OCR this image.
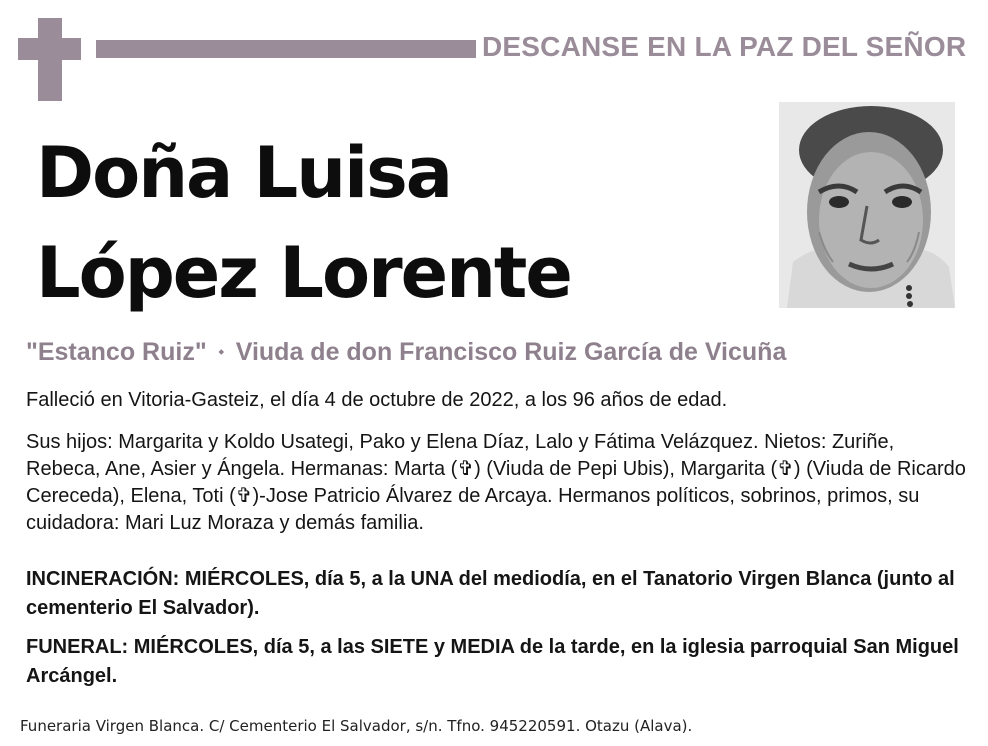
DESCANSE EN LA PAZ DEL SEÑOR
Doña Luisa
López Lorente
"Estanco Ruiz" ⬩ Viuda de don Francisco Ruiz García de Vicuña
Falleció en Vitoria-Gasteiz, el día 4 de octubre de 2022, a los 96 años de edad.
Sus hijos: Margarita y Koldo Usategi, Pako y Elena Díaz, Lalo y Fátima Velázquez. Nietos: Zuriñe, Rebeca, Ane, Asier y Ángela. Hermanas: Marta (✞) (Viuda de Pepi Ubis), Margarita (✞) (Viuda de Ricardo Cereceda), Elena, Toti (✞)-Jose Patricio Álvarez de Arcaya. Hermanos políticos, sobrinos, primos, su cuidadora: Mari Luz Moraza y demás familia.
INCINERACIÓN: MIÉRCOLES, día 5, a la UNA del mediodía, en el Tanatorio Virgen Blanca (junto al cementerio El Salvador).
FUNERAL: MIÉRCOLES, día 5, a las SIETE y MEDIA de la tarde, en la iglesia parroquial San Miguel Arcángel.
Funeraria Virgen Blanca. C/ Cementerio El Salvador, s/n. Tfno. 945220591. Otazu (Alava).
